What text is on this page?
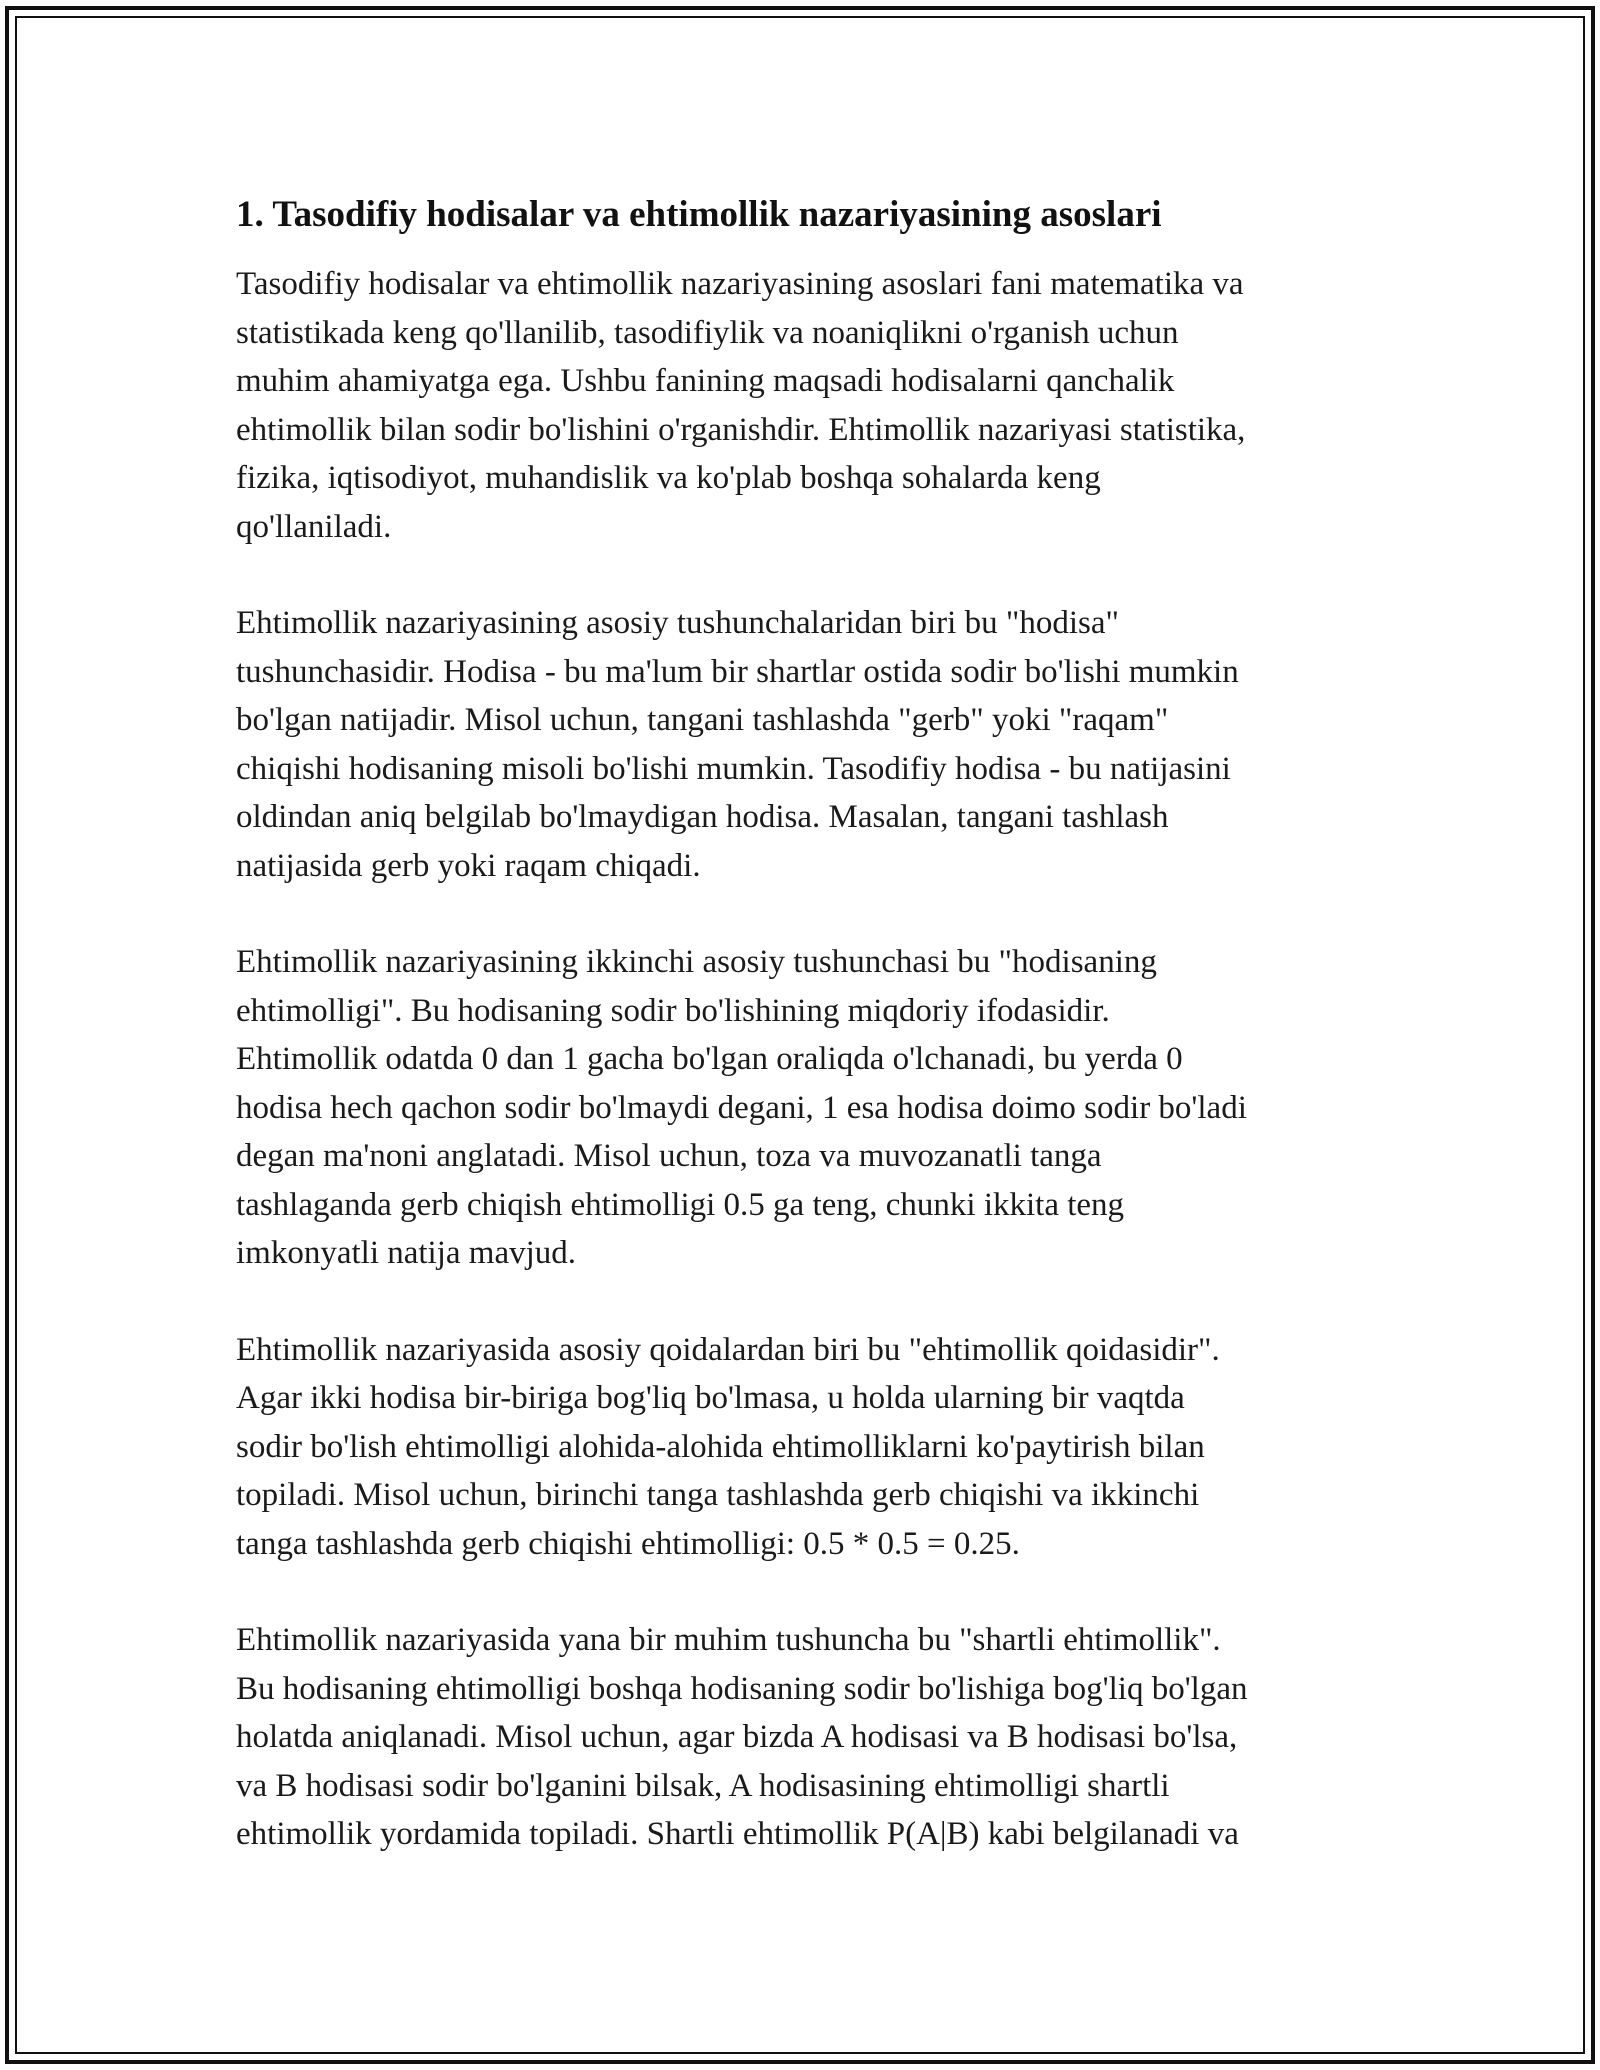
1. Tasodifiy hodisalar va ehtimollik nazariyasining asoslari

Tasodifiy hodisalar va ehtimollik nazariyasining asoslari fani matematika va
statistikada keng qo'llanilib, tasodifiylik va noaniqlikni o'rganish uchun
muhim ahamiyatga ega. Ushbu fanining maqsadi hodisalarni qanchalik
ehtimollik bilan sodir bo'lishini o'rganishdir. Ehtimollik nazariyasi statistika,
fizika, iqtisodiyot, muhandislik va ko'plab boshqa sohalarda keng
qo'llaniladi.

Ehtimollik nazariyasining asosiy tushunchalaridan biri bu "hodisa"
tushunchasidir. Hodisa - bu ma'lum bir shartlar ostida sodir bo'lishi mumkin
bo'lgan natijadir. Misol uchun, tangani tashlashda "gerb" yoki "raqam"
chiqishi hodisaning misoli bo'lishi mumkin. Tasodifiy hodisa - bu natijasini
oldindan aniq belgilab bo'lmaydigan hodisa. Masalan, tangani tashlash
natijasida gerb yoki raqam chiqadi.

Ehtimollik nazariyasining ikkinchi asosiy tushunchasi bu "hodisaning
ehtimolligi". Bu hodisaning sodir bo'lishining miqdoriy ifodasidir.
Ehtimollik odatda 0 dan 1 gacha bo'lgan oraliqda o'lchanadi, bu yerda 0
hodisa hech qachon sodir bo'lmaydi degani, 1 esa hodisa doimo sodir bo'ladi
degan ma'noni anglatadi. Misol uchun, toza va muvozanatli tanga
tashlaganda gerb chiqish ehtimolligi 0.5 ga teng, chunki ikkita teng
imkonyatli natija mavjud.

Ehtimollik nazariyasida asosiy qoidalardan biri bu "ehtimollik qoidasidir".
Agar ikki hodisa bir-biriga bog'liq bo'lmasa, u holda ularning bir vaqtda
sodir bo'lish ehtimolligi alohida-alohida ehtimolliklarni ko'paytirish bilan
topiladi. Misol uchun, birinchi tanga tashlashda gerb chiqishi va ikkinchi
tanga tashlashda gerb chiqishi ehtimolligi: 0.5 * 0.5 = 0.25.

Ehtimollik nazariyasida yana bir muhim tushuncha bu "shartli ehtimollik".
Bu hodisaning ehtimolligi boshqa hodisaning sodir bo'lishiga bog'liq bo'lgan
holatda aniqlanadi. Misol uchun, agar bizda A hodisasi va B hodisasi bo'lsa,
va B hodisasi sodir bo'lganini bilsak, A hodisasining ehtimolligi shartli
ehtimollik yordamida topiladi. Shartli ehtimollik P(A|B) kabi belgilanadi va
